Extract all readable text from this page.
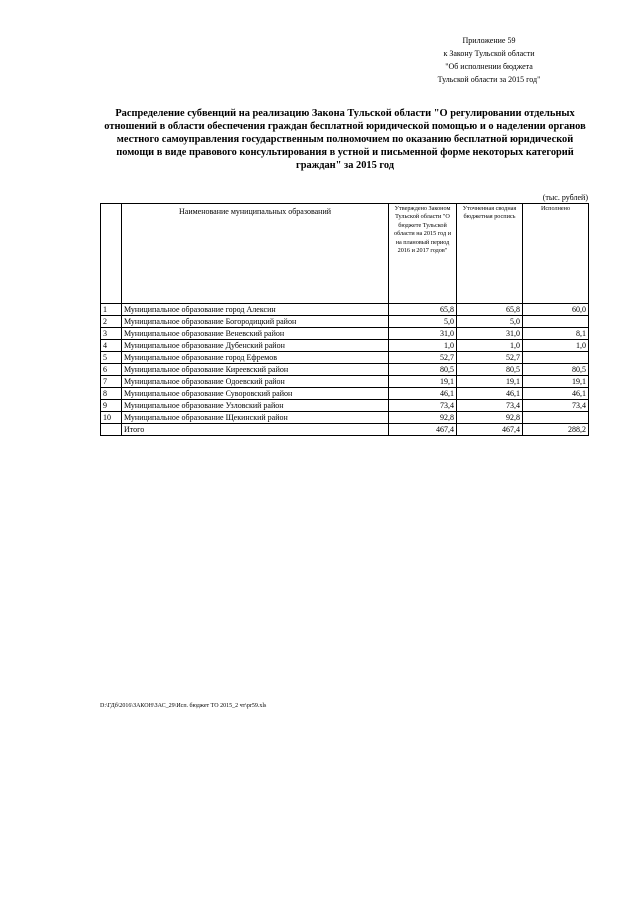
Приложение 59
к Закону Тульской области
"Об исполнении бюджета
Тульской области за 2015 год"

Распределение субвенций на реализацию Закона Тульской области "О регулировании отдельных отношений в области обеспечения граждан бесплатной юридической помощью и о наделении органов местного самоуправления государственным полномочием по оказанию бесплатной юридической помощи в виде правового консультирования в устной и письменной форме некоторых категорий граждан" за 2015 год

(тыс. рублей)
	Наименование муниципальных образований	Утверждено Законом Тульской области "О бюджете Тульской области на 2015 год и на плановый период 2016 и 2017 годов"	Уточненная сводная бюджетная роспись	Исполнено
1	Муниципальное образование город Алексин	65,8	65,8	60,0
2	Муниципальное образование Богородицкий район	5,0	5,0	
3	Муниципальное образование Веневский район	31,0	31,0	8,1
4	Муниципальное образование Дубенский район	1,0	1,0	1,0
5	Муниципальное образование город Ефремов	52,7	52,7	
6	Муниципальное образование Киреевский район	80,5	80,5	80,5
7	Муниципальное образование Одоевский район	19,1	19,1	19,1
8	Муниципальное образование Суворовский район	46,1	46,1	46,1
9	Муниципальное образование Узловский район	73,4	73,4	73,4
10	Муниципальное образование Щекинский район	92,8	92,8	
	Итого	467,4	467,4	288,2
D:\ГДб\2016\ЗАКОН\ЗАС_29\Исп. бюджет ТО 2015_2 чт\pr59.xls
